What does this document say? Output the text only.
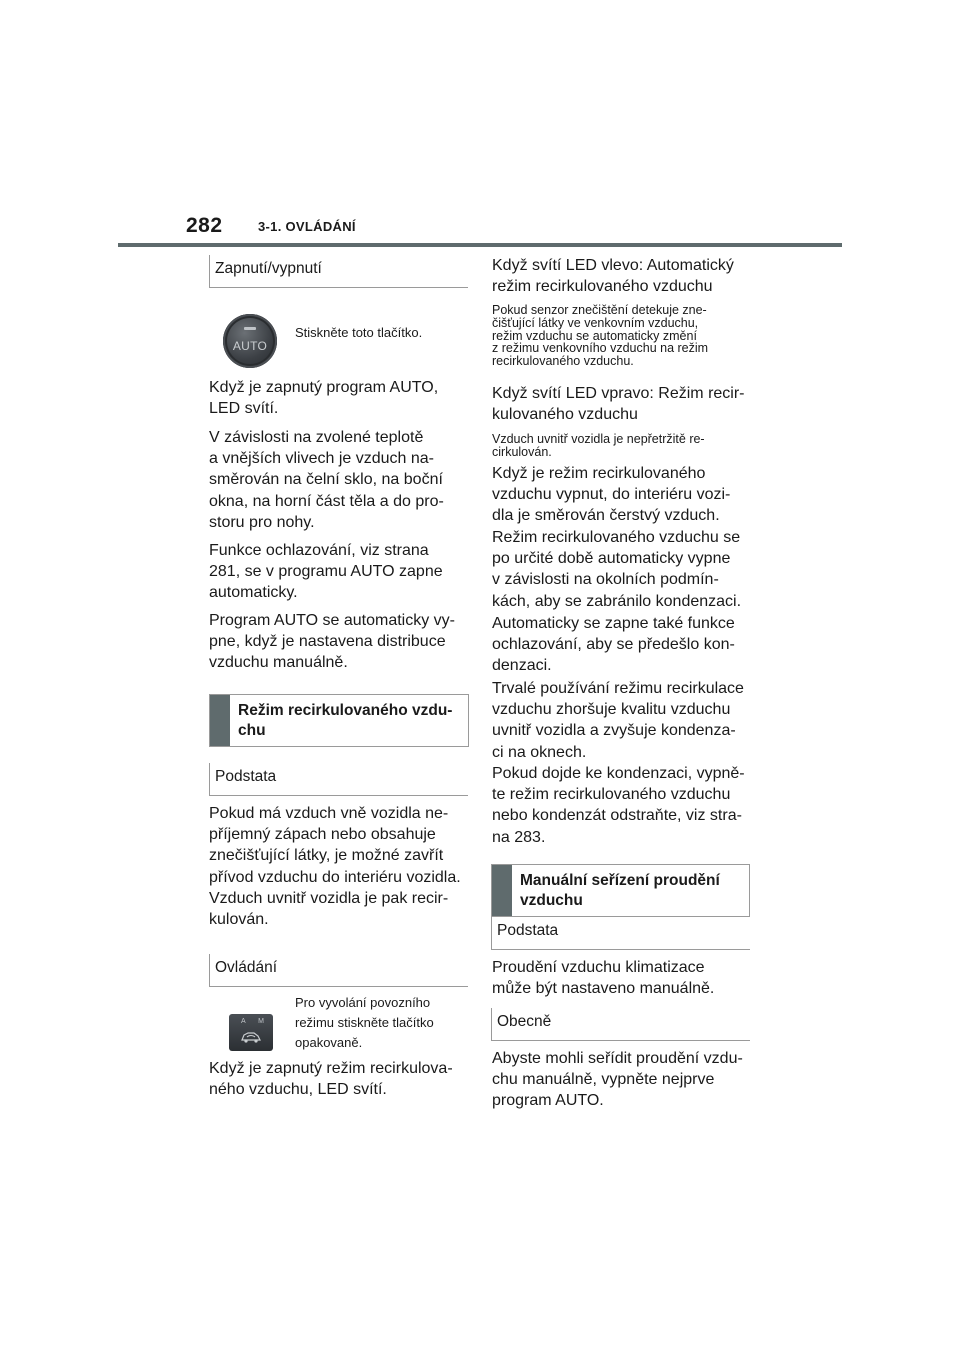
282	3-1. OVLÁDÁNÍ
Zapnutí/vypnutí
AUTO
Stiskněte toto tlačítko.
Když je zapnutý program AUTO,
LED svítí.
V závislosti na zvolené teplotě
a vnějších vlivech je vzduch na-
směrován na čelní sklo, na boční
okna, na horní část těla a do pro-
storu pro nohy.
Funkce ochlazování, viz strana
281, se v programu AUTO zapne
automaticky.
Program AUTO se automaticky vy-
pne, když je nastavena distribuce
vzduchu manuálně.
Režim recirkulovaného vzdu-
chu
Podstata
Pokud má vzduch vně vozidla ne-
příjemný zápach nebo obsahuje
znečišťující látky, je možné zavřít
přívod vzduchu do interiéru vozidla.
Vzduch uvnitř vozidla je pak recir-
kulován.
Ovládání
A M
Pro vyvolání povozního
režimu stiskněte tlačítko
opakovaně.
Když je zapnutý režim recirkulova-
ného vzduchu, LED svítí.
Když svítí LED vlevo: Automatický
režim recirkulovaného vzduchu
Pokud senzor znečištění detekuje zne-
čišťující látky ve venkovním vzduchu,
režim vzduchu se automaticky změní
z režimu venkovního vzduchu na režim
recirkulovaného vzduchu.
Když svítí LED vpravo: Režim recir-
kulovaného vzduchu
Vzduch uvnitř vozidla je nepřetržitě re-
cirkulován.
Když je režim recirkulovaného
vzduchu vypnut, do interiéru vozi-
dla je směrován čerstvý vzduch.
Režim recirkulovaného vzduchu se
po určité době automaticky vypne
v závislosti na okolních podmín-
kách, aby se zabránilo kondenzaci.
Automaticky se zapne také funkce
ochlazování, aby se předešlo kon-
denzaci.
Trvalé používání režimu recirkulace
vzduchu zhoršuje kvalitu vzduchu
uvnitř vozidla a zvyšuje kondenza-
ci na oknech.
Pokud dojde ke kondenzaci, vypně-
te režim recirkulovaného vzduchu
nebo kondenzát odstraňte, viz stra-
na 283.
Manuální seřízení proudění
vzduchu
Podstata
Proudění vzduchu klimatizace
může být nastaveno manuálně.
Obecně
Abyste mohli seřídit proudění vzdu-
chu manuálně, vypněte nejprve
program AUTO.
